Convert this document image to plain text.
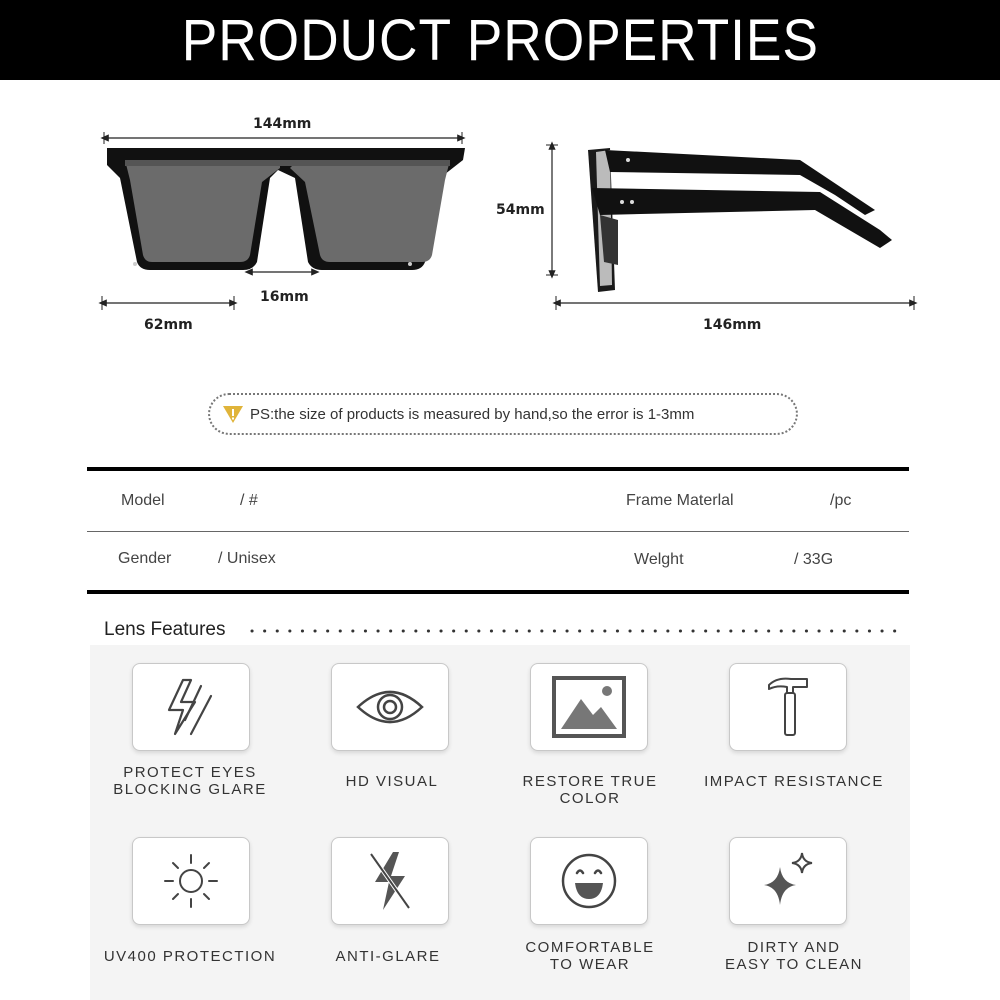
PRODUCT PROPERTIES
144mm
16mm
62mm
54mm
146mm
PS:the size of products is measured by hand,so the error is 1-3mm
Model	/ #	Frame Materlal	/pc
Gender	/ Unisex	Welght	/ 33G
Lens Features
PROTECT EYES
BLOCKING GLARE	HD VISUAL	RESTORE TRUE COLOR
IMPACT RESISTANCE
UV400 PROTECTION	ANTI-GLARE
COMFORTABLE
TO WEAR
DIRTY AND
EASY TO CLEAN
